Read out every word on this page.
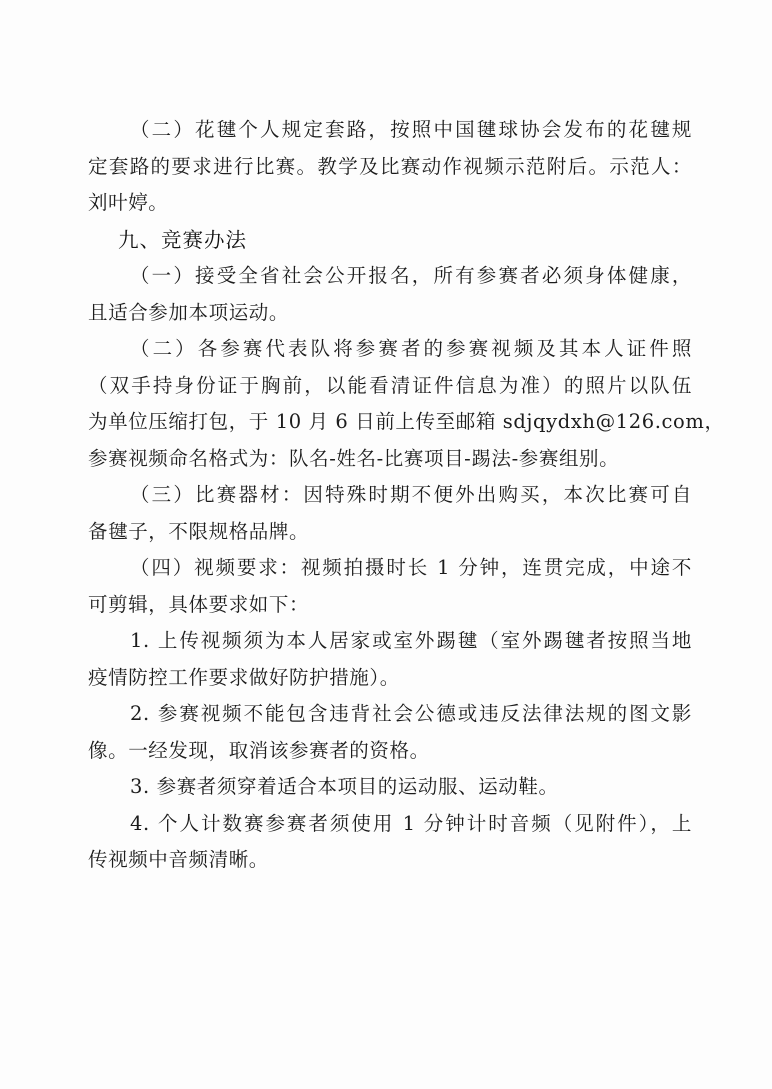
（二）花毽个人规定套路，按照中国毽球协会发布的花毽规
定套路的要求进行比赛。教学及比赛动作视频示范附后。示范人：
刘叶婷。
九、竞赛办法
（一）接受全省社会公开报名，所有参赛者必须身体健康，
且适合参加本项运动。
（二）各参赛代表队将参赛者的参赛视频及其本人证件照
（双手持身份证于胸前，以能看清证件信息为准）的照片以队伍
为单位压缩打包，于 10 月 6 日前上传至邮箱 sdjqydxh@126.com，
参赛视频命名格式为：队名-姓名-比赛项目-踢法-参赛组别。
（三）比赛器材：因特殊时期不便外出购买，本次比赛可自
备毽子，不限规格品牌。
（四）视频要求：视频拍摄时长 1 分钟，连贯完成，中途不
可剪辑，具体要求如下：
1. 上传视频须为本人居家或室外踢毽（室外踢毽者按照当地
疫情防控工作要求做好防护措施）。
2. 参赛视频不能包含违背社会公德或违反法律法规的图文影
像。一经发现，取消该参赛者的资格。
3. 参赛者须穿着适合本项目的运动服、运动鞋。
4. 个人计数赛参赛者须使用 1 分钟计时音频（见附件），上
传视频中音频清晰。
